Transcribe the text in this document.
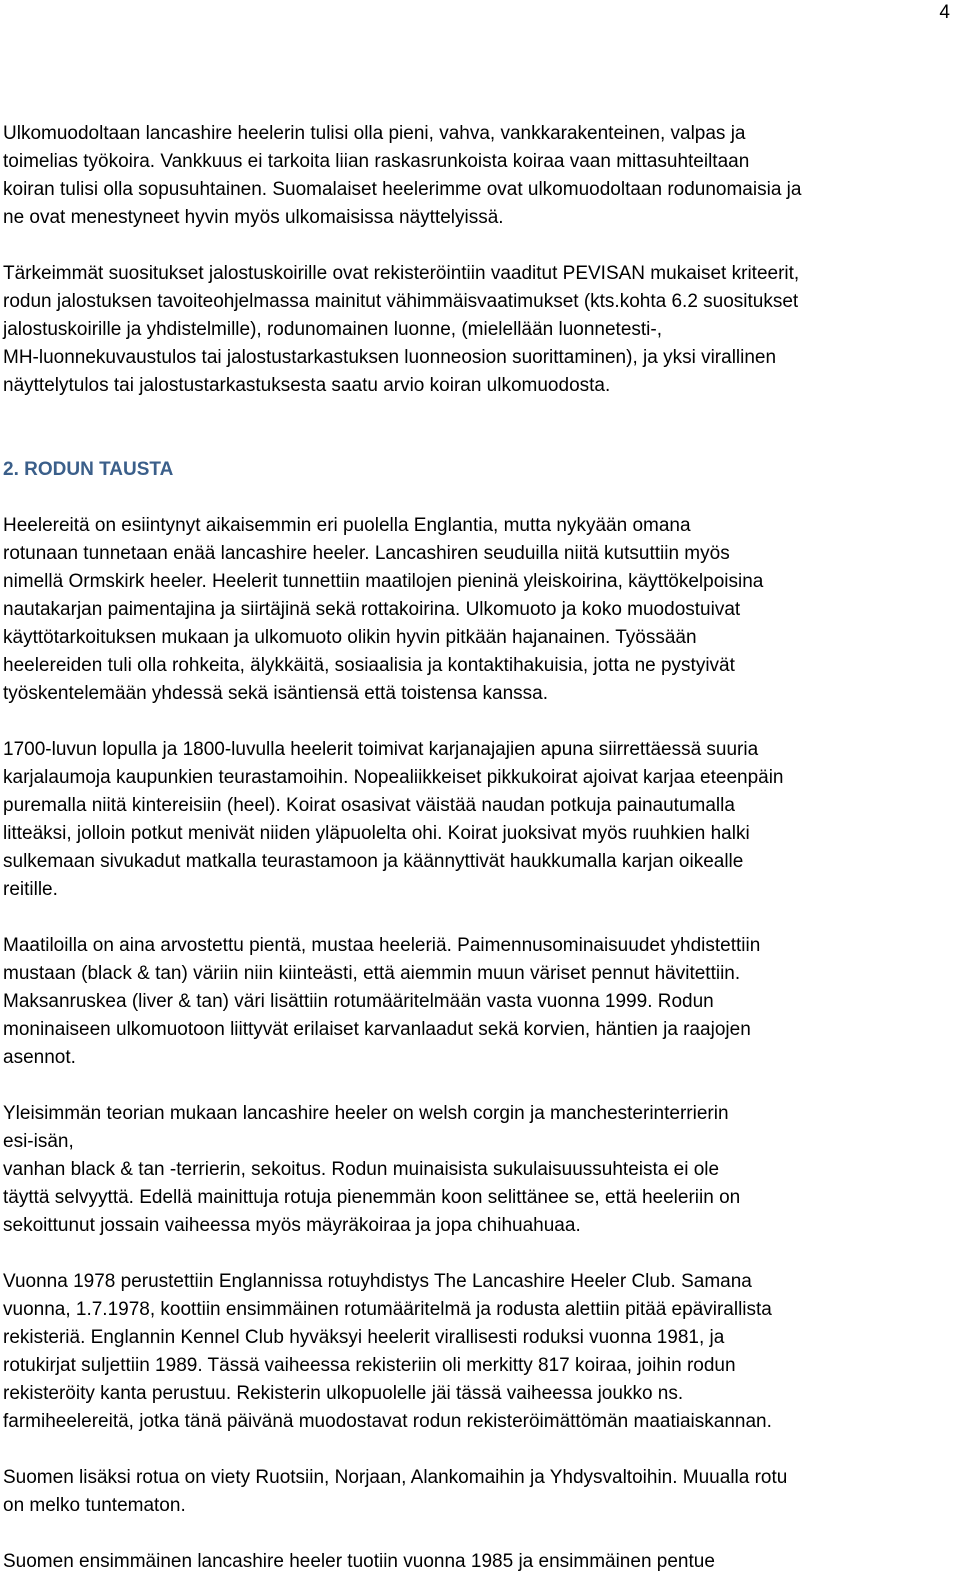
4
Ulkomuodoltaan lancashire heelerin tulisi olla pieni, vahva, vankkarakenteinen, valpas ja
toimelias työkoira. Vankkuus ei tarkoita liian raskasrunkoista koiraa vaan mittasuhteiltaan
koiran tulisi olla sopusuhtainen. Suomalaiset heelerimme ovat ulkomuodoltaan rodunomaisia ja
ne ovat menestyneet hyvin myös ulkomaisissa näyttelyissä.
Tärkeimmät suositukset jalostuskoirille ovat rekisteröintiin vaaditut PEVISAN mukaiset kriteerit,
rodun jalostuksen tavoiteohjelmassa mainitut vähimmäisvaatimukset (kts.kohta 6.2 suositukset
jalostuskoirille ja yhdistelmille), rodunomainen luonne, (mielellään luonnetesti-,
MH-luonnekuvaustulos tai jalostustarkastuksen luonneosion suorittaminen), ja yksi virallinen
näyttelytulos tai jalostustarkastuksesta saatu arvio koiran ulkomuodosta.
2. RODUN TAUSTA
Heelereitä on esiintynyt aikaisemmin eri puolella Englantia, mutta nykyään omana
rotunaan tunnetaan enää lancashire heeler. Lancashiren seuduilla niitä kutsuttiin myös
nimellä Ormskirk heeler. Heelerit tunnettiin maatilojen pieninä yleiskoirina, käyttökelpoisina
nautakarjan paimentajina ja siirtäjinä sekä rottakoirina. Ulkomuoto ja koko muodostuivat
käyttötarkoituksen mukaan ja ulkomuoto olikin hyvin pitkään hajanainen. Työssään
heelereiden tuli olla rohkeita, älykkäitä, sosiaalisia ja kontaktihakuisia, jotta ne pystyivät
työskentelemään yhdessä sekä isäntiensä että toistensa kanssa.
1700-luvun lopulla ja 1800-luvulla heelerit toimivat karjanajajien apuna siirrettäessä suuria
karjalaumoja kaupunkien teurastamoihin. Nopealiikkeiset pikkukoirat ajoivat karjaa eteenpäin
puremalla niitä kintereisiin (heel). Koirat osasivat väistää naudan potkuja painautumalla
litteäksi, jolloin potkut menivät niiden yläpuolelta ohi. Koirat juoksivat myös ruuhkien halki
sulkemaan sivukadut matkalla teurastamoon ja käännyttivät haukkumalla karjan oikealle
reitille.
Maatiloilla on aina arvostettu pientä, mustaa heeleriä. Paimennusominaisuudet yhdistettiin
mustaan (black & tan) väriin niin kiinteästi, että aiemmin muun väriset pennut hävitettiin.
Maksanruskea (liver & tan) väri lisättiin rotumääritelmään vasta vuonna 1999. Rodun
moninaiseen ulkomuotoon liittyvät erilaiset karvanlaadut sekä korvien, häntien ja raajojen
asennot.
Yleisimmän teorian mukaan lancashire heeler on welsh corgin ja manchesterinterrierin
esi-isän,
vanhan black & tan -terrierin, sekoitus. Rodun muinaisista sukulaisuussuhteista ei ole
täyttä selvyyttä. Edellä mainittuja rotuja pienemmän koon selittänee se, että heeleriin on
sekoittunut jossain vaiheessa myös mäyräkoiraa ja jopa chihuahuaa.
Vuonna 1978 perustettiin Englannissa rotuyhdistys The Lancashire Heeler Club. Samana
vuonna, 1.7.1978, koottiin ensimmäinen rotumääritelmä ja rodusta alettiin pitää epävirallista
rekisteriä. Englannin Kennel Club hyväksyi heelerit virallisesti roduksi vuonna 1981, ja
rotukirjat suljettiin 1989. Tässä vaiheessa rekisteriin oli merkitty 817 koiraa, joihin rodun
rekisteröity kanta perustuu. Rekisterin ulkopuolelle jäi tässä vaiheessa joukko ns.
farmiheelereitä, jotka tänä päivänä muodostavat rodun rekisteröimättömän maatiaiskannan.
Suomen lisäksi rotua on viety Ruotsiin, Norjaan, Alankomaihin ja Yhdysvaltoihin. Muualla rotu
on melko tuntematon.
Suomen ensimmäinen lancashire heeler tuotiin vuonna 1985 ja ensimmäinen pentue
